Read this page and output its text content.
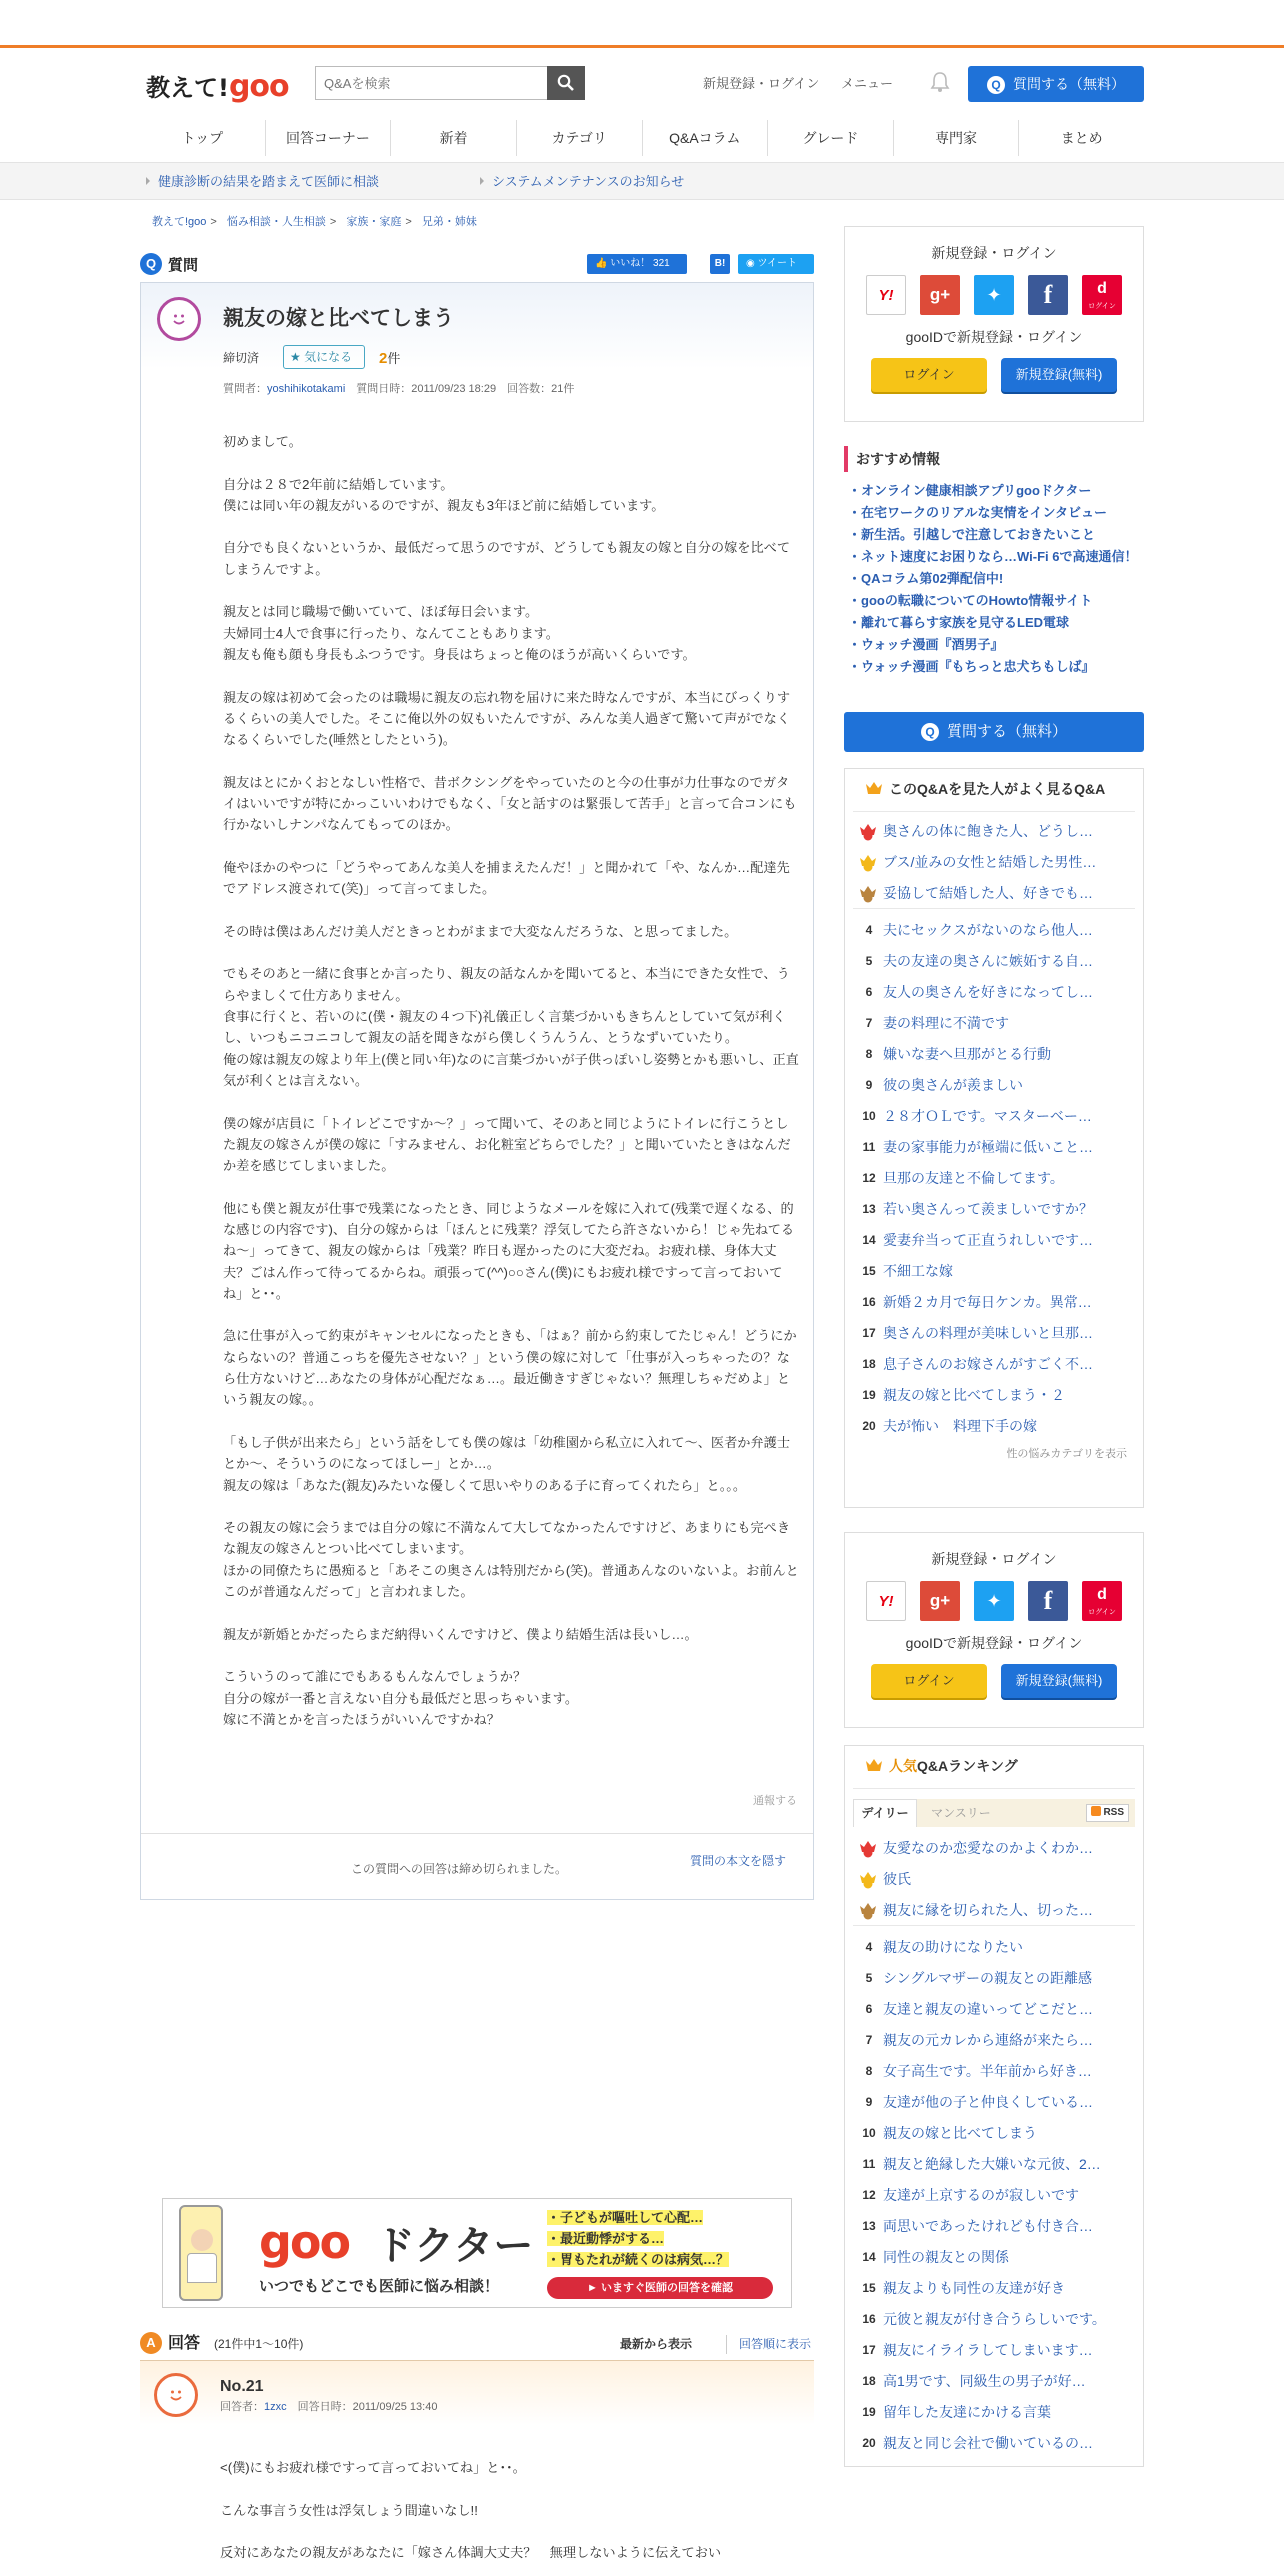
教えて!goo
Q&Aを検索	新規登録・ログイン メニュー	Q 質問する（無料）
トップ	回答コーナー	新着	カテゴリ	Q&Aコラム	グレード	専門家	まとめ
健康診断の結果を踏まえて医師に相談	システムメンテナンスのお知らせ
教えて!goo > 悩み相談・人生相談 > 家族・家庭 > 兄弟・姉妹
Q 質問	👍 いいね！ 321	B!	◉ ツイート
親友の嫁と比べてしまう
締切済	★ 気になる	2件
質問者：yoshihikotakami　 質問日時：2011/09/23 18:29　回答数：21件
初めまして。

自分は２８で2年前に結婚しています。
僕には同い年の親友がいるのですが、親友も3年ほど前に結婚しています。

自分でも良くないというか、最低だって思うのですが、どうしても親友の嫁と自分の嫁を比べてしまうんですよ。

親友とは同じ職場で働いていて、ほぼ毎日会います。
夫婦同士4人で食事に行ったり、なんてこともあります。
親友も俺も顔も身長もふつうです。身長はちょっと俺のほうが高いくらいです。

親友の嫁は初めて会ったのは職場に親友の忘れ物を届けに来た時なんですが、本当にびっくりするくらいの美人でした。そこに俺以外の奴もいたんですが、みんな美人過ぎて驚いて声がでなくなるくらいでした(唾然としたという)。

親友はとにかくおとなしい性格で、昔ボクシングをやっていたのと今の仕事が力仕事なのでガタイはいいですが特にかっこいいわけでもなく、「女と話すのは緊張して苦手」と言って合コンにも行かないしナンパなんてもってのほか。

俺やほかのやつに「どうやってあんな美人を捕まえたんだ！」と聞かれて「や、なんか…配達先でアドレス渡されて(笑)」って言ってました。

その時は僕はあんだけ美人だときっとわがままで大変なんだろうな、と思ってました。

でもそのあと一緒に食事とか言ったり、親友の話なんかを聞いてると、本当にできた女性で、うらやましくて仕方ありません。
食事に行くと、若いのに(僕・親友の４つ下)礼儀正しく言葉づかいもきちんとしていて気が利くし、いつもニコニコして親友の話を聞きながら僕しくうんうん、とうなずいていたり。
俺の嫁は親友の嫁より年上(僕と同い年)なのに言葉づかいが子供っぽいし姿勢とかも悪いし、正直気が利くとは言えない。

僕の嫁が店員に「トイレどこですか～？」って聞いて、そのあと同じようにトイレに行こうとした親友の嫁さんが僕の嫁に「すみません、お化粧室どちらでした？」と聞いていたときはなんだか差を感じてしまいました。

他にも僕と親友が仕事で残業になったとき、同じようなメールを嫁に入れて(残業で遅くなる、的な感じの内容です)、自分の嫁からは「ほんとに残業？浮気してたら許さないから！じゃ先ねてるね～」ってきて、親友の嫁からは「残業？昨日も遅かったのに大変だね。お疲れ様、身体大丈夫？ごはん作って待ってるからね。頑張って(^^)○○さん(僕)にもお疲れ様ですって言っておいてね」と･･。

急に仕事が入って約束がキャンセルになったときも、「はぁ？前から約束してたじゃん！どうにかならないの？普通こっちを優先させない？」という僕の嫁に対して「仕事が入っちゃったの？なら仕方ないけど…あなたの身体が心配だなぁ…。最近働きすぎじゃない？無理しちゃだめよ」という親友の嫁。。

「もし子供が出来たら」という話をしても僕の嫁は「幼稚園から私立に入れて～、医者か弁護士とか～、そういうのになってほしー」とか…。
親友の嫁は「あなた(親友)みたいな優しくて思いやりのある子に育ってくれたら」と。。。

その親友の嫁に会うまでは自分の嫁に不満なんて大してなかったんですけど、あまりにも完ぺきな親友の嫁さんとつい比べてしまいます。
ほかの同僚たちに愚痴ると「あそこの奥さんは特別だから(笑)。普通あんなのいないよ。お前んとこのが普通なんだって」と言われました。

親友が新婚とかだったらまだ納得いくんですけど、僕より結婚生活は長いし…。

こういうのって誰にでもあるもんなんでしょうか？
自分の嫁が一番と言えない自分も最低だと思っちゃいます。
嫁に不満とかを言ったほうがいいんですかね？
通報する
この質問への回答は締め切られました。
質問の本文を隠す
goo ドクター
いつでもどこでも医師に悩み相談！
・子どもが嘔吐して心配…
・最近動悸がする…
・胃もたれが続くのは病気…？
► いますぐ医師の回答を確認
A 回答 (21件中1～10件)	最新から表示	回答順に表示
No.21
回答者：1zxc　 回答日時：2011/09/25 13:40
<(僕)にもお疲れ様ですって言っておいてね」と･･。

こんな事言う女性は浮気しょう間違いなし!!

反対にあなたの親友があなたに「嫁さん体調大丈夫？　無理しないように伝えておい
新規登録・ログイン
Y!	g+	✦	f	d
ログイン
gooIDで新規登録・ログイン
ログイン	新規登録(無料)
おすすめ情報
・オンライン健康相談アプリgooドクター
・在宅ワークのリアルな実情をインタビュー
・新生活。引越しで注意しておきたいこと
・ネット速度にお困りなら…Wi-Fi 6で高速通信！
・QAコラム第02弾配信中!
・gooの転職についてのHowto情報サイト
・離れて暮らす家族を見守るLED電球
・ウォッチ漫画『酒男子』
・ウォッチ漫画『もちっと忠犬ちもしば』
Q 質問する（無料）
このQ&Aを見た人がよく見るQ&A
奥さんの体に飽きた人、どうし…
ブス/並みの女性と結婚した男性…
妥協して結婚した人、好きでも…
4 夫にセックスがないのなら他人…
5 夫の友達の奥さんに嫉妬する自…
6 友人の奥さんを好きになってし…
7 妻の料理に不満です
8 嫌いな妻へ旦那がとる行動
9 彼の奥さんが羨ましい
10 ２８才ＯＬです。マスターベー…
11 妻の家事能力が極端に低いこと…
12 旦那の友達と不倫してます。
13 若い奥さんって羨ましいですか？
14 愛妻弁当って正直うれしいです…
15 不細工な嫁
16 新婚２カ月で毎日ケンカ。異常…
17 奥さんの料理が美味しいと旦那…
18 息子さんのお嫁さんがすごく不…
19 親友の嫁と比べてしまう・２
20 夫が怖い　料理下手の嫁
性の悩みカテゴリを表示
新規登録・ログイン
Y!	g+	✦	f	d
ログイン
gooIDで新規登録・ログイン
ログイン	新規登録(無料)
人気Q&Aランキング
デイリー	マンスリー	RSS
友愛なのか恋愛なのかよくわか…
彼氏
親友に縁を切られた人、切った…
4 親友の助けになりたい
5 シングルマザーの親友との距離感
6 友達と親友の違いってどこだと…
7 親友の元カレから連絡が来たら…
8 女子高生です。半年前から好き…
9 友達が他の子と仲良くしている…
10 親友の嫁と比べてしまう
11 親友と絶縁した大嫌いな元彼、2…
12 友達が上京するのが寂しいです
13 両思いであったけれども付き合…
14 同性の親友との関係
15 親友よりも同性の友達が好き
16 元彼と親友が付き合うらしいです。
17 親友にイライラしてしまいます…
18 高1男です、同級生の男子が好…
19 留年した友達にかける言葉
20 親友と同じ会社で働いているの…
